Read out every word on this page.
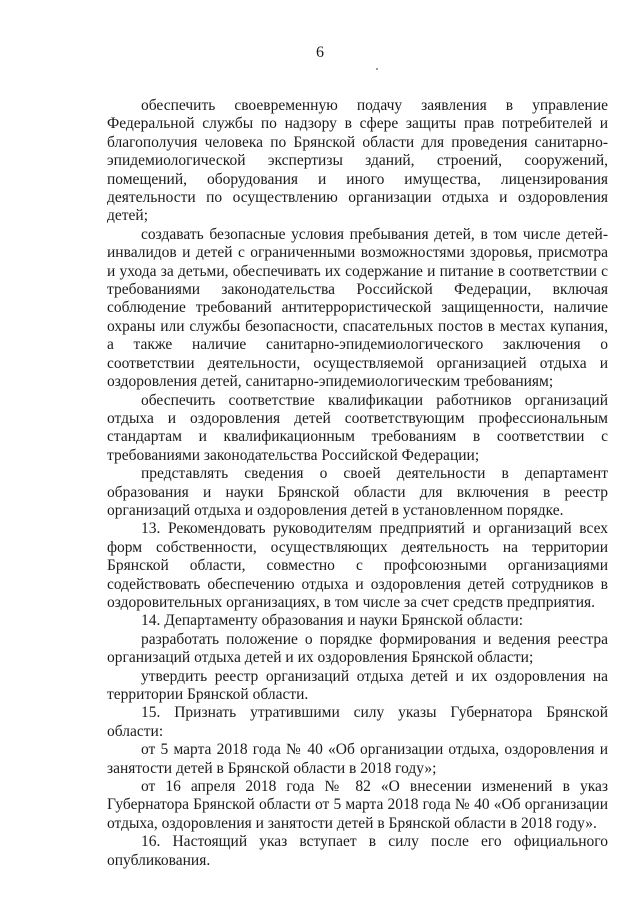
6

обеспечить своевременную подачу заявления в управление Федеральной службы по надзору в сфере защиты прав потребителей и благополучия человека по Брянской области для проведения санитарно-эпидемиологической экспертизы зданий, строений, сооружений, помещений, оборудования и иного имущества, лицензирования деятельности по осуществлению организации отдыха и оздоровления детей;

создавать безопасные условия пребывания детей, в том числе детей-инвалидов и детей с ограниченными возможностями здоровья, присмотра и ухода за детьми, обеспечивать их содержание и питание в соответствии с требованиями законодательства Российской Федерации, включая соблюдение требований антитеррористической защищенности, наличие охраны или службы безопасности, спасательных постов в местах купания, а также наличие санитарно-эпидемиологического заключения о соответствии деятельности, осуществляемой организацией отдыха и оздоровления детей, санитарно-эпидемиологическим требованиям;

обеспечить соответствие квалификации работников организаций отдыха и оздоровления детей соответствующим профессиональным стандартам и квалификационным требованиям в соответствии с требованиями законодательства Российской Федерации;

представлять сведения о своей деятельности в департамент образования и науки Брянской области для включения в реестр организаций отдыха и оздоровления детей в установленном порядке.

13. Рекомендовать руководителям предприятий и организаций всех форм собственности, осуществляющих деятельность на территории Брянской области, совместно с профсоюзными организациями содействовать обеспечению отдыха и оздоровления детей сотрудников в оздоровительных организациях, в том числе за счет средств предприятия.

14. Департаменту образования и науки Брянской области:

разработать положение о порядке формирования и ведения реестра организаций отдыха детей и их оздоровления Брянской области;

утвердить реестр организаций отдыха детей и их оздоровления на территории Брянской области.

15. Признать утратившими силу указы Губернатора Брянской области:

от 5 марта 2018 года № 40 «Об организации отдыха, оздоровления и занятости детей в Брянской области в 2018 году»;

от 16 апреля 2018 года № 82 «О внесении изменений в указ Губернатора Брянской области от 5 марта 2018 года № 40 «Об организации отдыха, оздоровления и занятости детей в Брянской области в 2018 году».

16. Настоящий указ вступает в силу после его официального опубликования.
